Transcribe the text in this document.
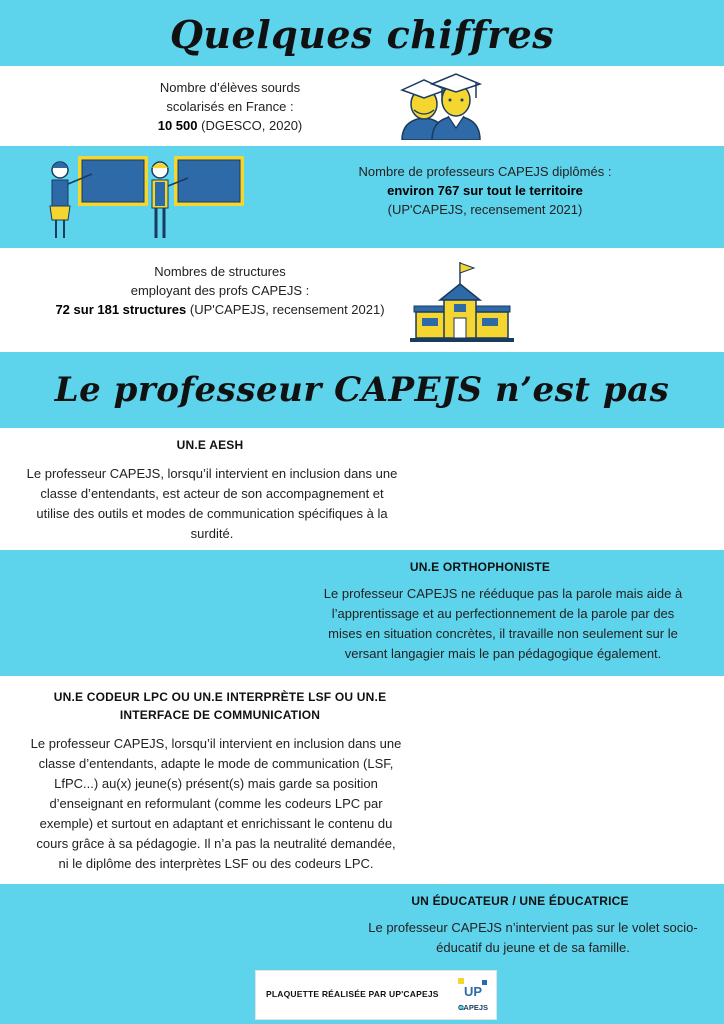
Quelques chiffres
Nombre d’élèves sourds
scolarisés en France :
10 500 (DGESCO, 2020)
Nombre de professeurs CAPEJS diplômés :
environ 767 sur tout le territoire
(UP'CAPEJS, recensement 2021)
Nombres de structures
employant des profs CAPEJS :
72 sur 181 structures (UP'CAPEJS, recensement 2021)
Le professeur CAPEJS n’est pas
UN.E AESH
Le professeur CAPEJS, lorsqu’il intervient en inclusion dans une
classe d’entendants, est acteur de son accompagnement et
utilise des outils et modes de communication spécifiques à la
surdité.
UN.E ORTHOPHONISTE
Le professeur CAPEJS ne rééduque pas la parole mais aide à
l’apprentissage et au perfectionnement de la parole par des
mises en situation concrètes, il travaille non seulement sur le
versant langagier mais le pan pédagogique également.
UN.E CODEUR LPC OU UN.E INTERPRÈTE LSF OU UN.E
INTERFACE DE COMMUNICATION
Le professeur CAPEJS, lorsqu’il intervient en inclusion dans une
classe d’entendants, adapte le mode de communication (LSF,
LfPC...) au(x) jeune(s) présent(s) mais garde sa position
d’enseignant en reformulant (comme les codeurs LPC par
exemple) et surtout en adaptant et enrichissant le contenu du
cours grâce à sa pédagogie. Il n’a pas la neutralité demandée,
ni le diplôme des interprètes LSF ou des codeurs LPC.
UN ÉDUCATEUR / UNE ÉDUCATRICE
Le professeur CAPEJS n’intervient pas sur le volet socio-
éducatif du jeune et de sa famille.
PLAQUETTE RÉALISÉE PAR UP'CAPEJS UP
CAPEJS
